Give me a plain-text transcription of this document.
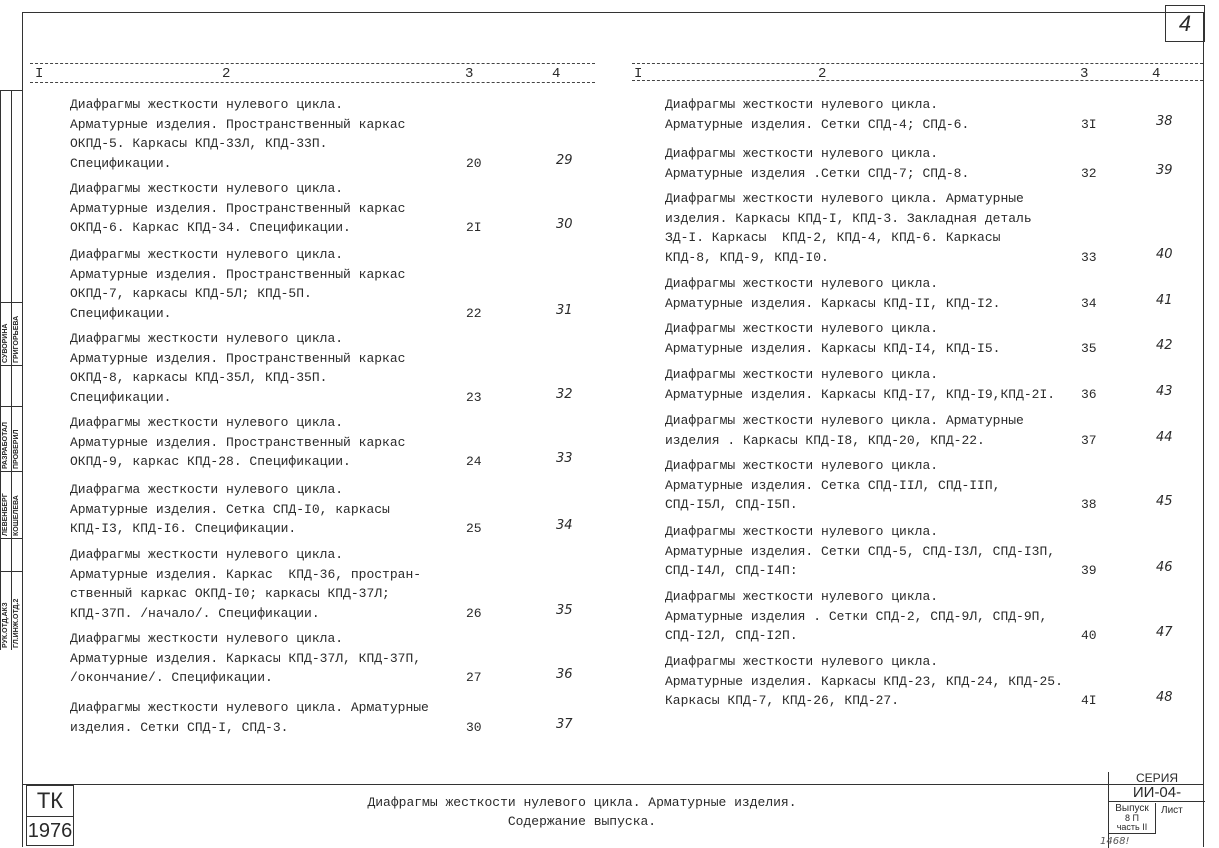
4
I	2	3	4	I	2	3	4
Диафрагмы жесткости нулевого цикла.
Арматурные изделия. Пространственный каркас
ОКПД-5. Каркасы КПД-33Л, КПД-33П.
Спецификации.	20	29
Диафрагмы жесткости нулевого цикла.
Арматурные изделия. Пространственный каркас
ОКПД-6. Каркас КПД-34. Спецификации.	2I	30
Диафрагмы жесткости нулевого цикла.
Арматурные изделия. Пространственный каркас
ОКПД-7, каркасы КПД-5Л; КПД-5П.
Спецификации.	22	31
Диафрагмы жесткости нулевого цикла.
Арматурные изделия. Пространственный каркас
ОКПД-8, каркасы КПД-35Л, КПД-35П.
Спецификации.	23	32
Диафрагмы жесткости нулевого цикла.
Арматурные изделия. Пространственный каркас
ОКПД-9, каркас КПД-28. Спецификации.	24	33
Диафрагма жесткости нулевого цикла.
Арматурные изделия. Сетка СПД-I0, каркасы
КПД-I3, КПД-I6. Спецификации.	25	34
Диафрагмы жесткости нулевого цикла.
Арматурные изделия. Каркас  КПД-36, простран-
ственный каркас ОКПД-I0; каркасы КПД-37Л;
КПД-37П. /начало/. Спецификации.	26	35
Диафрагмы жесткости нулевого цикла.
Арматурные изделия. Каркасы КПД-37Л, КПД-37П,
/окончание/. Спецификации.	27	36
Диафрагмы жесткости нулевого цикла. Арматурные
изделия. Сетки СПД-I, СПД-3.	30	37
Диафрагмы жесткости нулевого цикла.
Арматурные изделия. Сетки СПД-4; СПД-6.	3I	38
Диафрагмы жесткости нулевого цикла.
Арматурные изделия .Сетки СПД-7; СПД-8.	32	39
Диафрагмы жесткости нулевого цикла. Арматурные
изделия. Каркасы КПД-I, КПД-3. Закладная деталь
ЗД-I. Каркасы  КПД-2, КПД-4, КПД-6. Каркасы
КПД-8, КПД-9, КПД-I0.	33	40
Диафрагмы жесткости нулевого цикла.
Арматурные изделия. Каркасы КПД-II, КПД-I2.	34	41
Диафрагмы жесткости нулевого цикла.
Арматурные изделия. Каркасы КПД-I4, КПД-I5.	35	42
Диафрагмы жесткости нулевого цикла.
Арматурные изделия. Каркасы КПД-I7, КПД-I9,КПД-2I.	36	43
Диафрагмы жесткости нулевого цикла. Арматурные
изделия . Каркасы КПД-I8, КПД-20, КПД-22.	37	44
Диафрагмы жесткости нулевого цикла.
Арматурные изделия. Сетка СПД-IIЛ, СПД-IIП,
СПД-I5Л, СПД-I5П.	38	45
Диафрагмы жесткости нулевого цикла.
Арматурные изделия. Сетки СПД-5, СПД-I3Л, СПД-I3П,
СПД-I4Л, СПД-I4П:	39	46
Диафрагмы жесткости нулевого цикла.
Арматурные изделия . Сетки СПД-2, СПД-9Л, СПД-9П,
СПД-I2Л, СПД-I2П.	40	47
Диафрагмы жесткости нулевого цикла.
Арматурные изделия. Каркасы КПД-23, КПД-24, КПД-25.
Каркасы КПД-7, КПД-26, КПД-27.	4I	48
РУК.ОТД.АКЗ
ЛЕВЕНБЕРГ
РАЗРАБОТАЛ
СУВОРИНА
ГЛ.ИНЖ.ОТД.2
КОШЕЛЕВА
ПРОВЕРИЛ
ГРИГОРЬЕВА
ТК
1976
Диафрагмы жесткости нулевого цикла. Арматурные изделия.
Содержание выпуска.
СЕРИЯ
ИИ-04-
Выпуск
8 П
часть II
Лист
1468!
